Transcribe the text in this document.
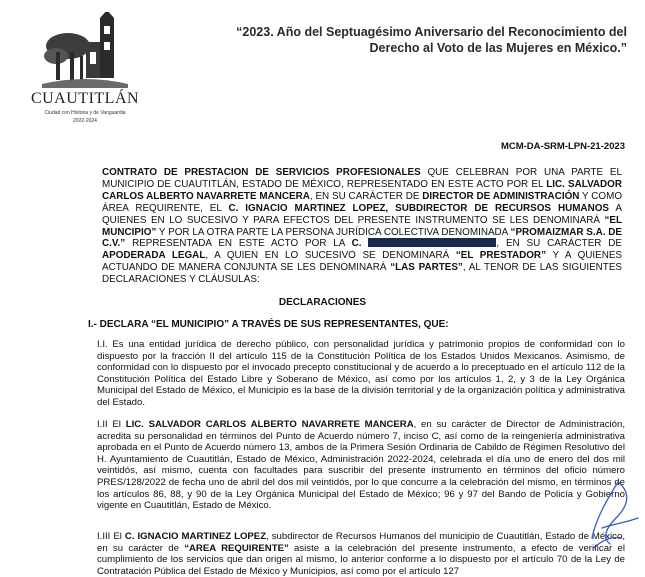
CUAUTITLÁN
Ciudad con Historia y de Vanguardia
2022-2024
“2023. Año del Septuagésimo Aniversario del Reconocimiento del Derecho al Voto de las Mujeres en México.”
MCM-DA-SRM-LPN-21-2023

CONTRATO DE PRESTACION DE SERVICIOS PROFESIONALES QUE CELEBRAN POR UNA PARTE EL MUNICIPIO DE CUAUTITLÁN, ESTADO DE MÉXICO, REPRESENTADO EN ESTE ACTO POR EL LIC. SALVADOR CARLOS ALBERTO NAVARRETE MANCERA, EN SU CARÁCTER DE DIRECTOR DE ADMINISTRACIÓN Y COMO ÁREA REQUIRENTE, EL C. IGNACIO MARTINEZ LOPEZ, SUBDIRECTOR DE RECURSOS HUMANOS A QUIENES EN LO SUCESIVO Y PARA EFECTOS DEL PRESENTE INSTRUMENTO SE LES DENOMINARÁ “EL MUNCIPIO” Y POR LA OTRA PARTE LA PERSONA JURÍDICA COLECTIVA DENOMINADA “PROMAIZMAR S.A. DE C.V.” REPRESENTADA EN ESTE ACTO POR LA C.	, EN SU CARÁCTER DE APODERADA LEGAL, A QUIEN EN LO SUCESIVO SE DENOMINARÁ “EL PRESTADOR” Y A QUIENES ACTUANDO DE MANERA CONJUNTA SE LES DENOMINARÁ “LAS PARTES”, AL TENOR DE LAS SIGUIENTES DECLARACIONES Y CLÁUSULAS:

DECLARACIONES
I.- DECLARA “EL MUNICIPIO” A TRAVÉS DE SUS REPRESENTANTES, QUE:

I.I. Es una entidad jurídica de derecho público, con personalidad jurídica y patrimonio propios de conformidad con lo dispuesto por la fracción II del artículo 115 de la Constitución Política de los Estados Unidos Mexicanos. Asimismo, de conformidad con lo dispuesto por el invocado precepto constitucional y de acuerdo a lo preceptuado en el artículo 112 de la Constitución Política del Estado Libre y Soberano de México, así como por los artículos 1, 2, y 3 de la Ley Orgánica Municipal del Estado de México, el Municipio es la base de la división territorial y de la organización política y administrativa del Estado.

I.II El LIC. SALVADOR CARLOS ALBERTO NAVARRETE MANCERA, en su carácter de Director de Administración, acredita su personalidad en términos del Punto de Acuerdo número 7, inciso C, así como de la reingeniería administrativa aprobada en el Punto de Acuerdo número 13, ambos de la Primera Sesión Ordinaria de Cabildo de Régimen Resolutivo del H. Ayuntamiento de Cuautitlán, Estado de México, Administración 2022-2024, celebrada el día uno de enero del dos mil veintidós, así mismo, cuenta con facultades para suscribir del presente instrumento en términos del oficio número PRES/128/2022 de fecha uno de abril del dos mil veintidós, por lo que concurre a la celebración del mismo, en términos de los artículos 86, 88, y 90 de la Ley Orgánica Municipal del Estado de México; 96 y 97 del Bando de Policía y Gobierno vigente en Cuautitlán, Estado de México.

I.III El C. IGNACIO MARTINEZ LOPEZ, subdirector de Recursos Humanos del municipio de Cuautitlán, Estado de México, en su carácter de “AREA REQUIRENTE” asiste a la celebración del presente instrumento, a efecto de verificar el cumplimiento de los servicios que dan origen al mismo, lo anterior conforme a lo dispuesto por el artículo 70 de la Ley de Contratación Pública del Estado de México y Municipios, así como por el artículo 127
